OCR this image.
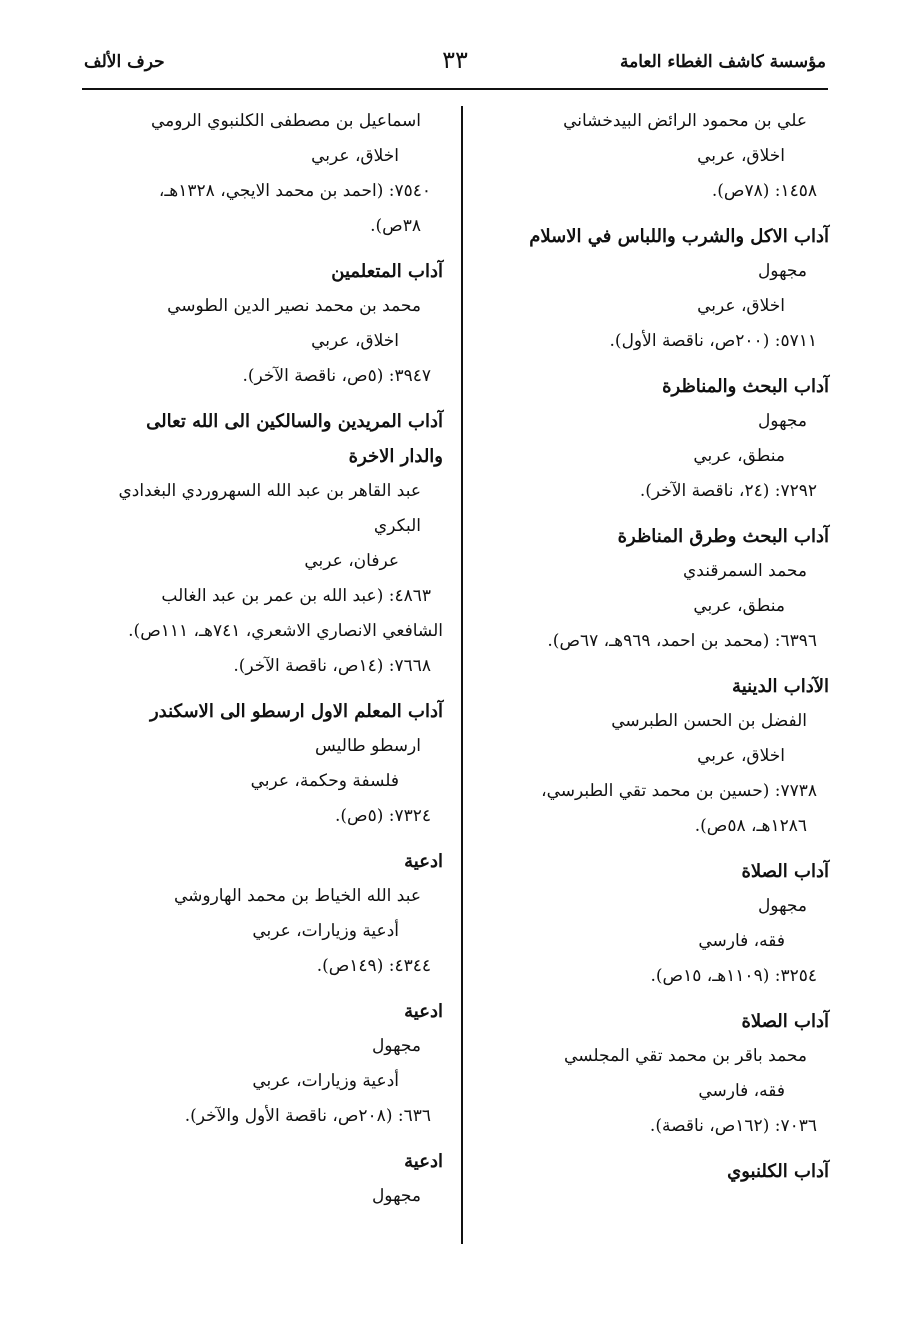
مؤسسة كاشف الغطاء العامة
٣٣
حرف الألف
علي بن محمود الرائض البيدخشاني
اخلاق، عربي
١٤٥٨: (٧٨ص).
آداب الاكل والشرب واللباس في الاسلام
مجهول
اخلاق، عربي
٥٧١١: (٢٠٠ص، ناقصة الأول).
آداب البحث والمناظرة
مجهول
منطق، عربي
٧٢٩٢: (٢٤، ناقصة الآخر).
آداب البحث وطرق المناظرة
محمد السمرقندي
منطق، عربي
٦٣٩٦: (محمد بن احمد، ٩٦٩هـ، ٦٧ص).
الآداب الدينية
الفضل بن الحسن الطبرسي
اخلاق، عربي
٧٧٣٨: (حسين بن محمد تقي الطبرسي،
١٢٨٦هـ، ٥٨ص).
آداب الصلاة
مجهول
فقه، فارسي
٣٢٥٤: (١١٠٩هـ، ١٥ص).
آداب الصلاة
محمد باقر بن محمد تقي المجلسي
فقه، فارسي
٧٠٣٦: (١٦٢ص، ناقصة).
آداب الكلنبوي
اسماعيل بن مصطفى الكلنبوي الرومي
اخلاق، عربي
٧٥٤٠: (احمد بن محمد الايجي، ١٣٢٨هـ،
٣٨ص).
آداب المتعلمين
محمد بن محمد نصير الدين الطوسي
اخلاق، عربي
٣٩٤٧: (٥ص، ناقصة الآخر).
آداب المريدين والسالكين الى الله تعالى
والدار الاخرة
عبد القاهر بن عبد الله السهروردي البغدادي
البكري
عرفان، عربي
٤٨٦٣: (عبد الله بن عمر بن عبد الغالب
الشافعي الانصاري الاشعري، ٧٤١هـ، ١١١ص).
٧٦٦٨: (١٤ص، ناقصة الآخر).
آداب المعلم الاول ارسطو الى الاسكندر
ارسطو طاليس
فلسفة وحكمة، عربي
٧٣٢٤: (٥ص).
ادعية
عبد الله الخياط بن محمد الهاروشي
أدعية وزيارات، عربي
٤٣٤٤: (١٤٩ص).
ادعية
مجهول
أدعية وزيارات، عربي
٦٣٦: (٢٠٨ص، ناقصة الأول والآخر).
ادعية
مجهول
